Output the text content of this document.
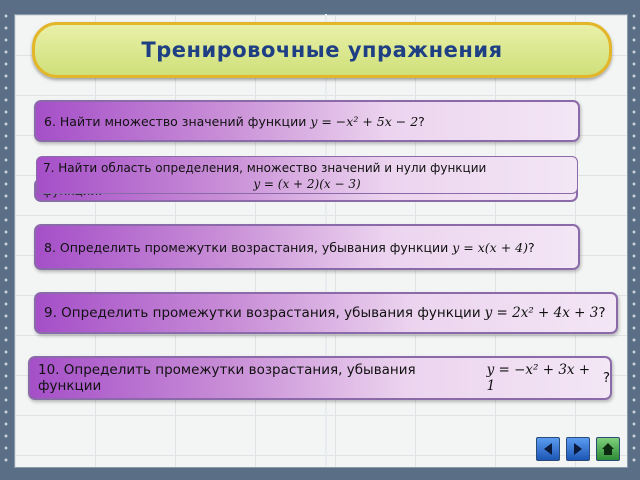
Тренировочные упражнения
6. Найти множество значений функции y = −x² + 5x − 2 ?
7. Найти область определения, множество значений и нули функции
y = (x + 2)(x − 3)
8. Определить промежутки возрастания, убывания функции y = x(x + 4) ?
9. Определить промежутки возрастания, убывания функции y = 2x² + 4x + 3 ?
10. Определить промежутки возрастания, убывания функции
y = −x² + 3x + 1	?
